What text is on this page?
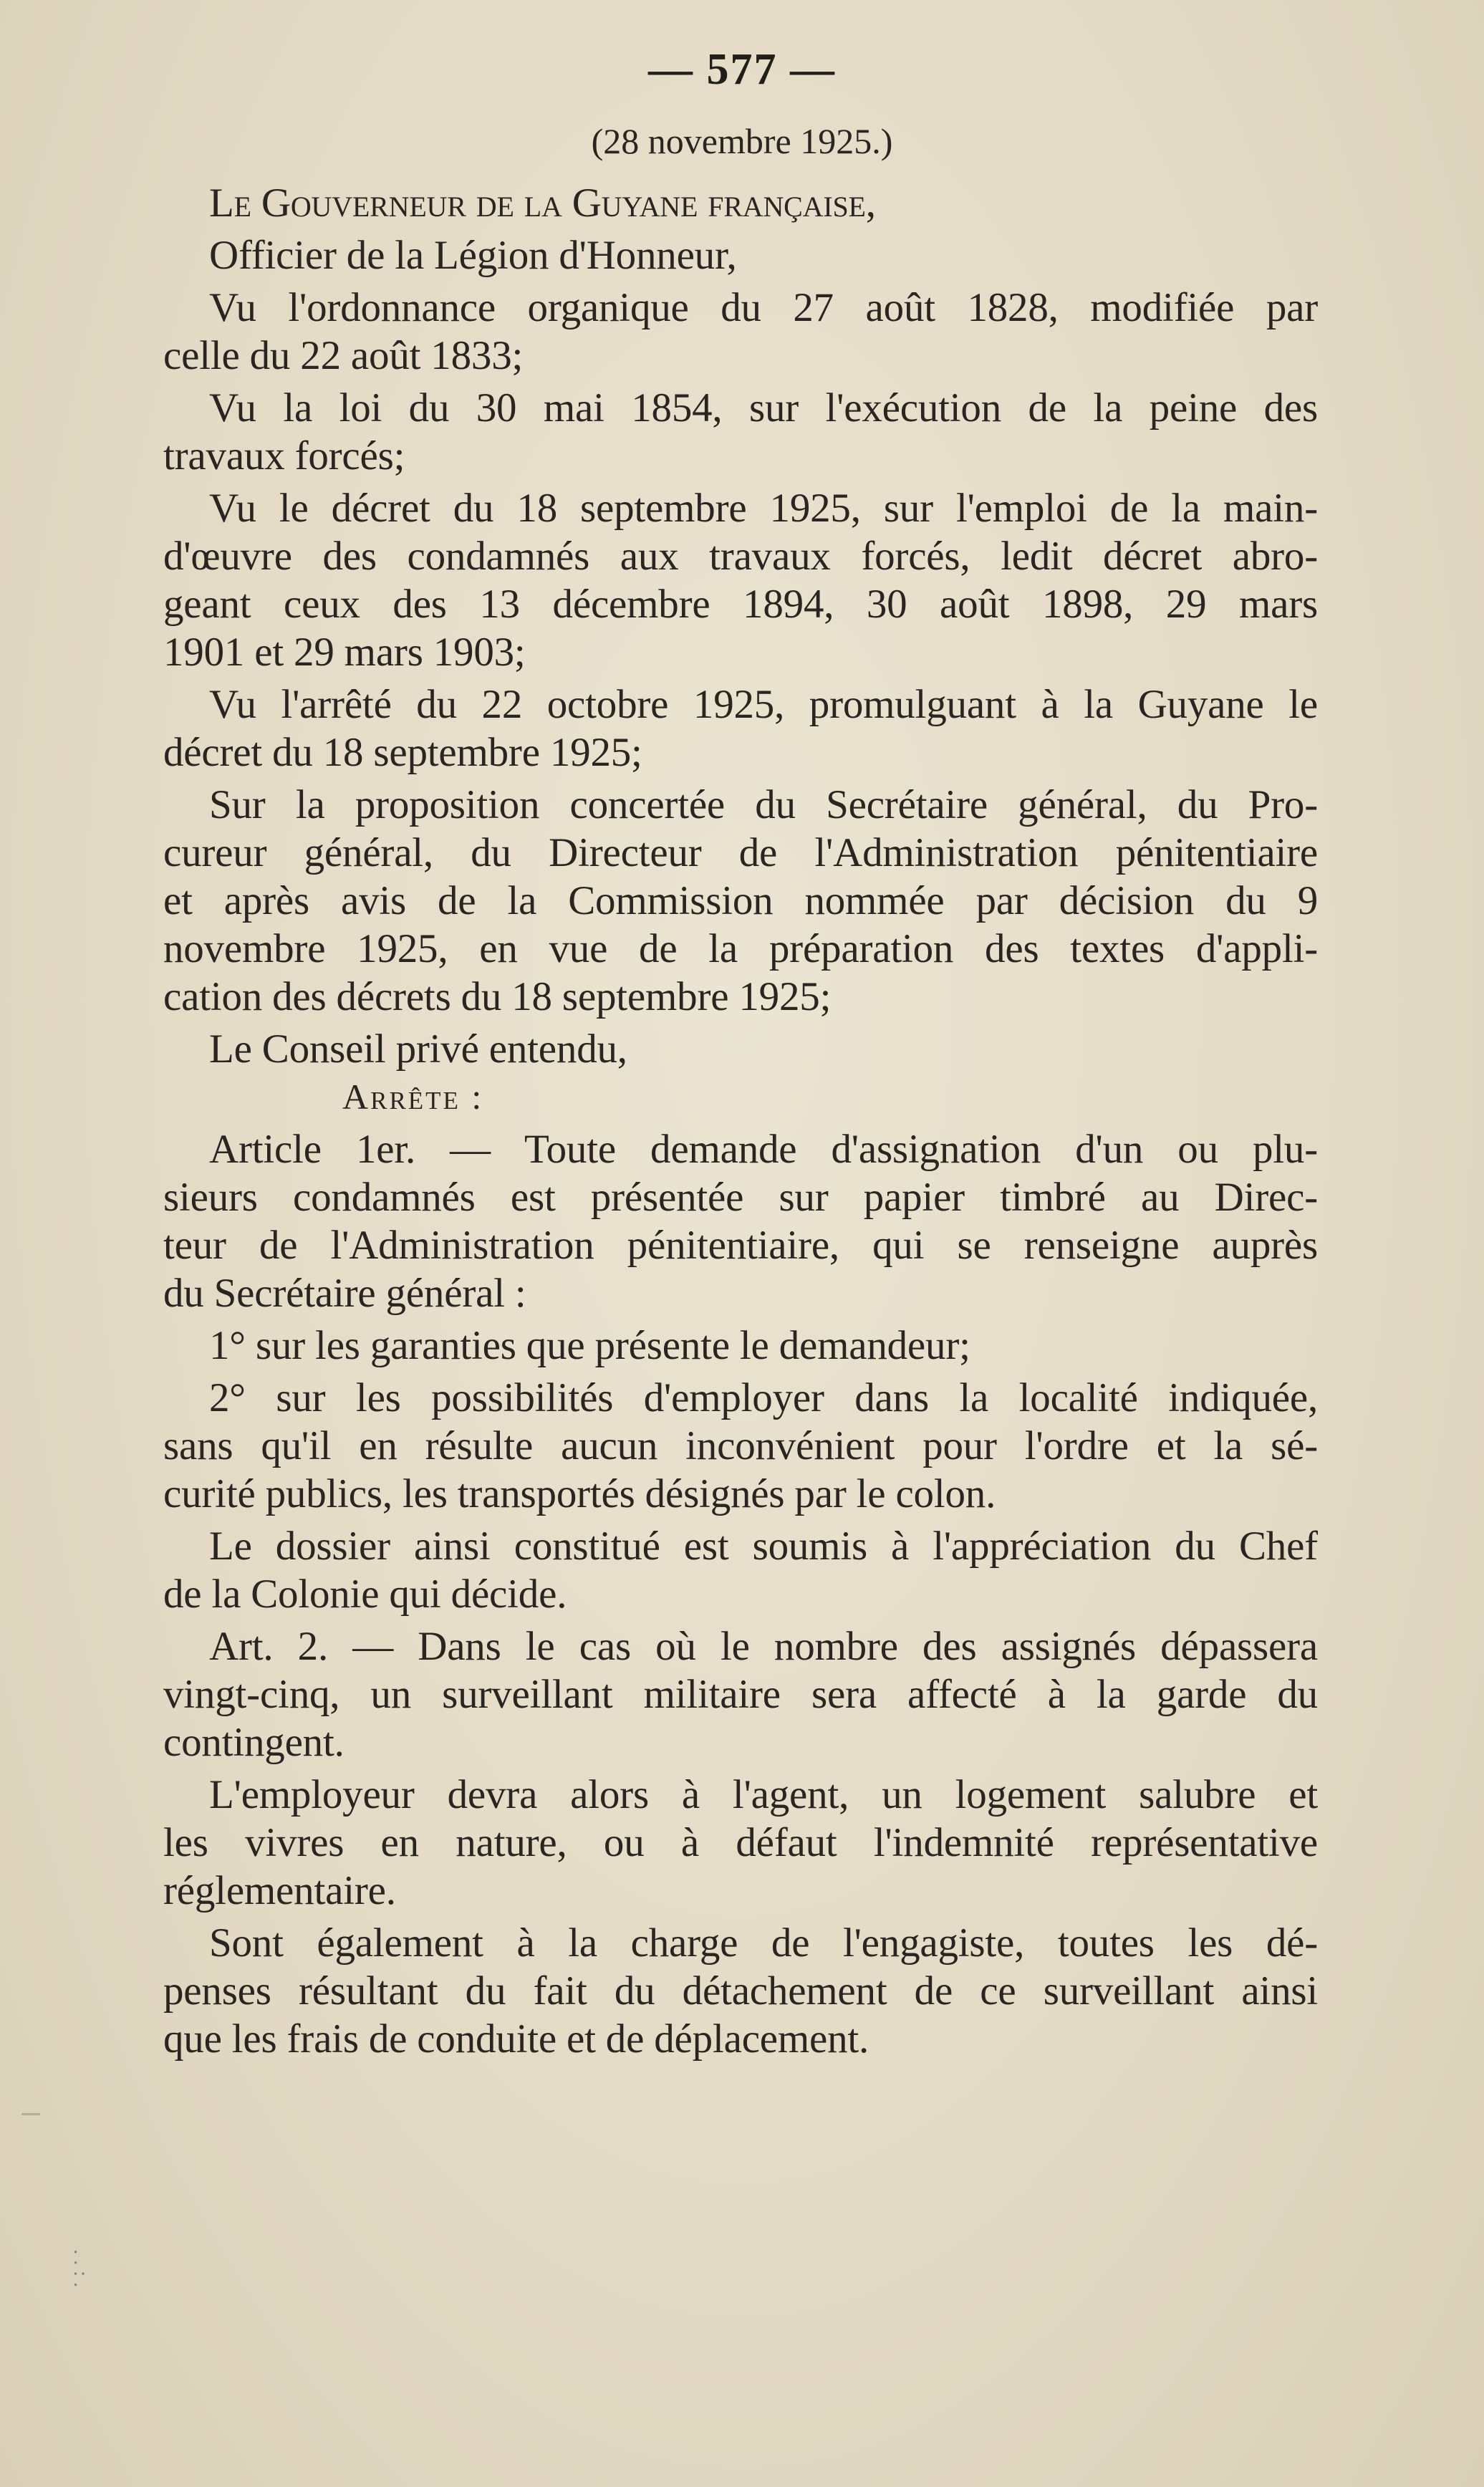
— 577 —
(28 novembre 1925.)
Le Gouverneur de la Guyane française,
Officier de la Légion d'Honneur,
Vu l'ordonnance organique du 27 août 1828, modifiée par
celle du 22 août 1833;
Vu la loi du 30 mai 1854, sur l'exécution de la peine des
travaux forcés;
Vu le décret du 18 septembre 1925, sur l'emploi de la main-
d'œuvre des condamnés aux travaux forcés, ledit décret abro-
geant ceux des 13 décembre 1894, 30 août 1898, 29 mars
1901 et 29 mars 1903;
Vu l'arrêté du 22 octobre 1925, promulguant à la Guyane le
décret du 18 septembre 1925;
Sur la proposition concertée du Secrétaire général, du Pro-
cureur général, du Directeur de l'Administration pénitentiaire
et après avis de la Commission nommée par décision du 9
novembre 1925, en vue de la préparation des textes d'appli-
cation des décrets du 18 septembre 1925;
Le Conseil privé entendu,
Arrête :
Article 1er. — Toute demande d'assignation d'un ou plu-
sieurs condamnés est présentée sur papier timbré au Direc-
teur de l'Administration pénitentiaire, qui se renseigne auprès
du Secrétaire général :
1° sur les garanties que présente le demandeur;
2° sur les possibilités d'employer dans la localité indiquée,
sans qu'il en résulte aucun inconvénient pour l'ordre et la sé-
curité publics, les transportés désignés par le colon.
Le dossier ainsi constitué est soumis à l'appréciation du Chef
de la Colonie qui décide.
Art. 2. — Dans le cas où le nombre des assignés dépassera
vingt-cinq, un surveillant militaire sera affecté à la garde du
contingent.
L'employeur devra alors à l'agent, un logement salubre et
les vivres en nature, ou à défaut l'indemnité représentative
réglementaire.
Sont également à la charge de l'engagiste, toutes les dé-
penses résultant du fait du détachement de ce surveillant ainsi
que les frais de conduite et de déplacement.
. . : .
